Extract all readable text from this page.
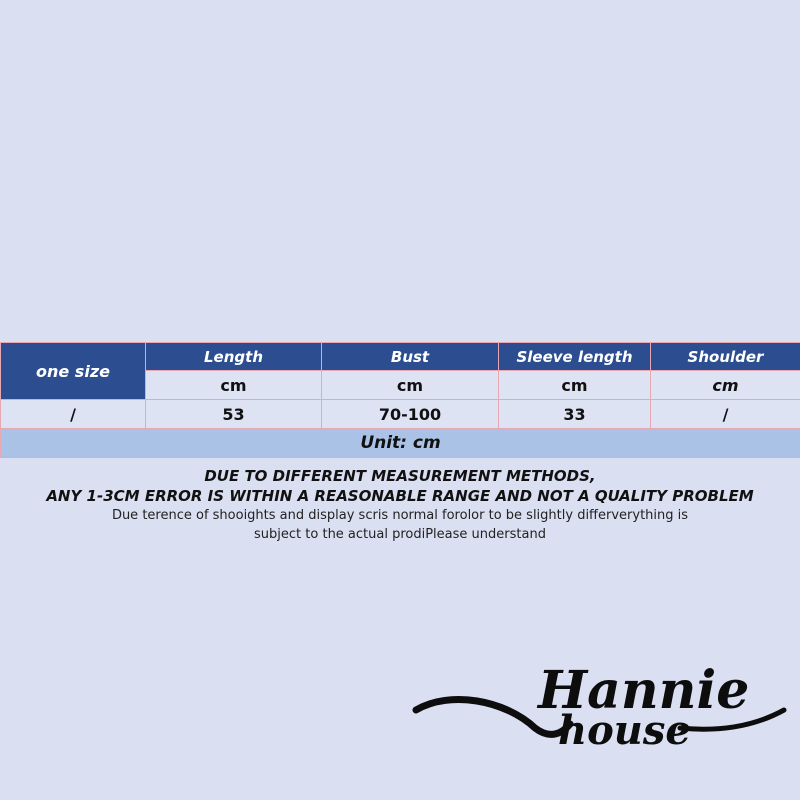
one size	Length	Bust	Sleeve length	Shoulder
	cm	cm	cm	cm
/	53	70-100	33	/
Unit: cm				

DUE TO DIFFERENT MEASUREMENT METHODS,

ANY 1-3CM ERROR IS WITHIN A REASONABLE RANGE AND NOT A QUALITY PROBLEM

Due terence of shooights and display scris normal forolor to be slightly differverything is

subject to the actual prodiPlease understand

Hannie
house
